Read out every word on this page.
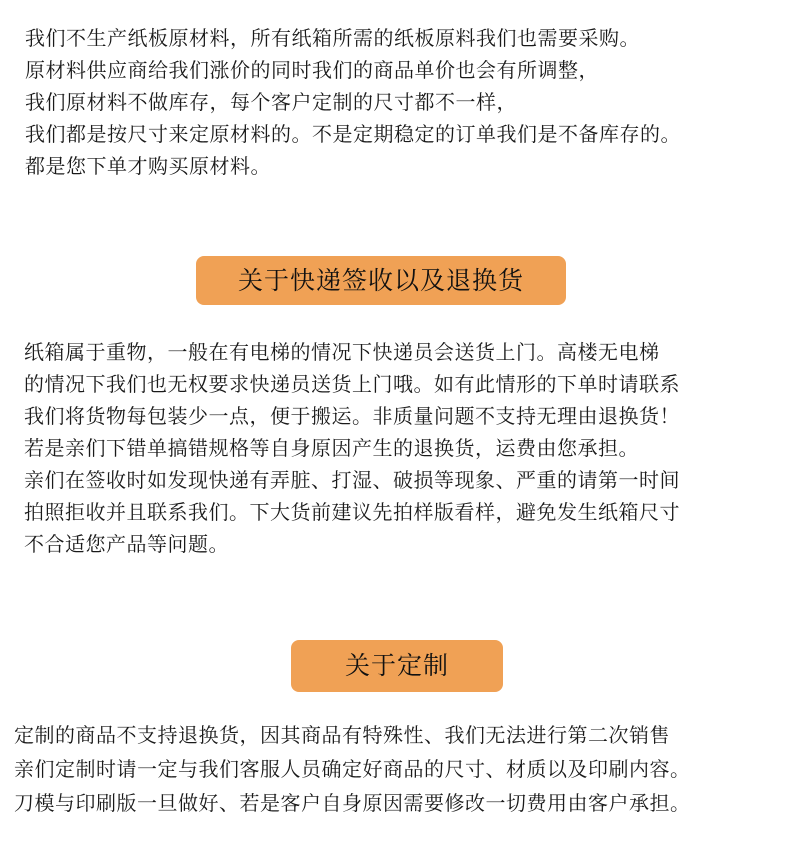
我们不生产纸板原材料，所有纸箱所需的纸板原料我们也需要采购。
原材料供应商给我们涨价的同时我们的商品单价也会有所调整，
我们原材料不做库存，每个客户定制的尺寸都不一样，
我们都是按尺寸来定原材料的。不是定期稳定的订单我们是不备库存的。
都是您下单才购买原材料。
关于快递签收以及退换货
纸箱属于重物，一般在有电梯的情况下快递员会送货上门。高楼无电梯
的情况下我们也无权要求快递员送货上门哦。如有此情形的下单时请联系
我们将货物每包装少一点，便于搬运。非质量问题不支持无理由退换货！
若是亲们下错单搞错规格等自身原因产生的退换货，运费由您承担。
亲们在签收时如发现快递有弄脏、打湿、破损等现象、严重的请第一时间
拍照拒收并且联系我们。下大货前建议先拍样版看样，避免发生纸箱尺寸
不合适您产品等问题。
关于定制
定制的商品不支持退换货，因其商品有特殊性、我们无法进行第二次销售
亲们定制时请一定与我们客服人员确定好商品的尺寸、材质以及印刷内容。
刀模与印刷版一旦做好、若是客户自身原因需要修改一切费用由客户承担。
